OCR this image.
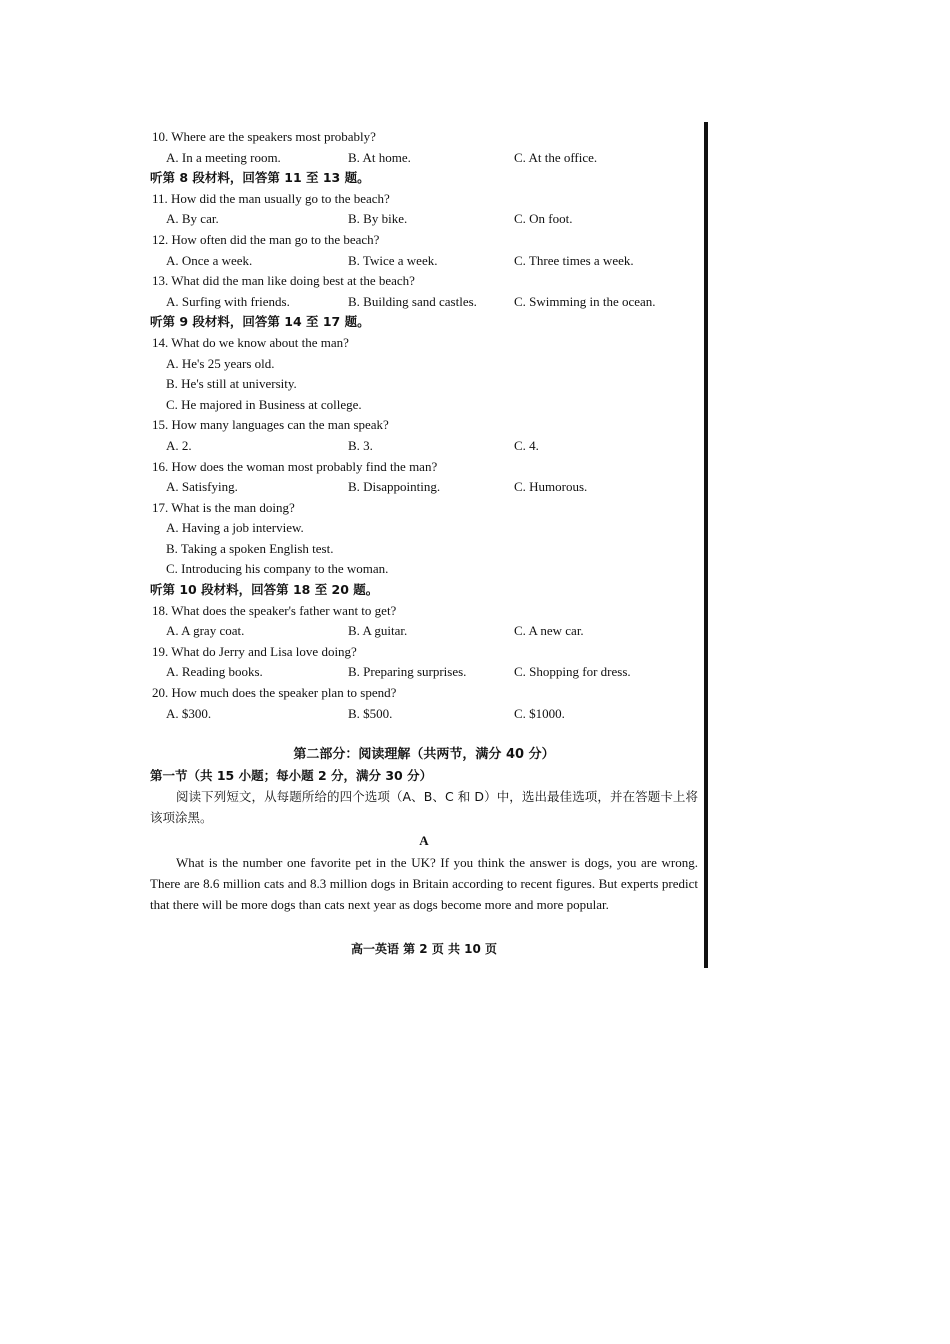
10. Where are the speakers most probably?
A. In a meeting room.	B. At home.	C. At the office.
听第 8 段材料，回答第 11 至 13 题。
11. How did the man usually go to the beach?
A. By car.	B. By bike.	C. On foot.
12. How often did the man go to the beach?
A. Once a week.	B. Twice a week.	C. Three times a week.
13. What did the man like doing best at the beach?
A. Surfing with friends.	B. Building sand castles.	C. Swimming in the ocean.
听第 9 段材料，回答第 14 至 17 题。
14. What do we know about the man?
A. He's 25 years old.
B. He's still at university.
C. He majored in Business at college.
15. How many languages can the man speak?
A. 2.	B. 3.	C. 4.
16. How does the woman most probably find the man?
A. Satisfying.	B. Disappointing.	C. Humorous.
17. What is the man doing?
A. Having a job interview.
B. Taking a spoken English test.
C. Introducing his company to the woman.
听第 10 段材料，回答第 18 至 20 题。
18. What does the speaker's father want to get?
A. A gray coat.	B. A guitar.	C. A new car.
19. What do Jerry and Lisa love doing?
A. Reading books.	B. Preparing surprises.	C. Shopping for dress.
20. How much does the speaker plan to spend?
A. $300.	B. $500.	C. $1000.
第二部分：阅读理解（共两节，满分 40 分）
第一节（共 15 小题；每小题 2 分，满分 30 分）

阅读下列短文，从每题所给的四个选项（A、B、C 和 D）中，选出最佳选项，并在答题卡上将该项涂黑。

A

What is the number one favorite pet in the UK? If you think the answer is dogs, you are wrong. There are 8.6 million cats and 8.3 million dogs in Britain according to recent figures. But experts predict that there will be more dogs than cats next year as dogs become more and more popular.

高一英语 第 2 页 共 10 页
